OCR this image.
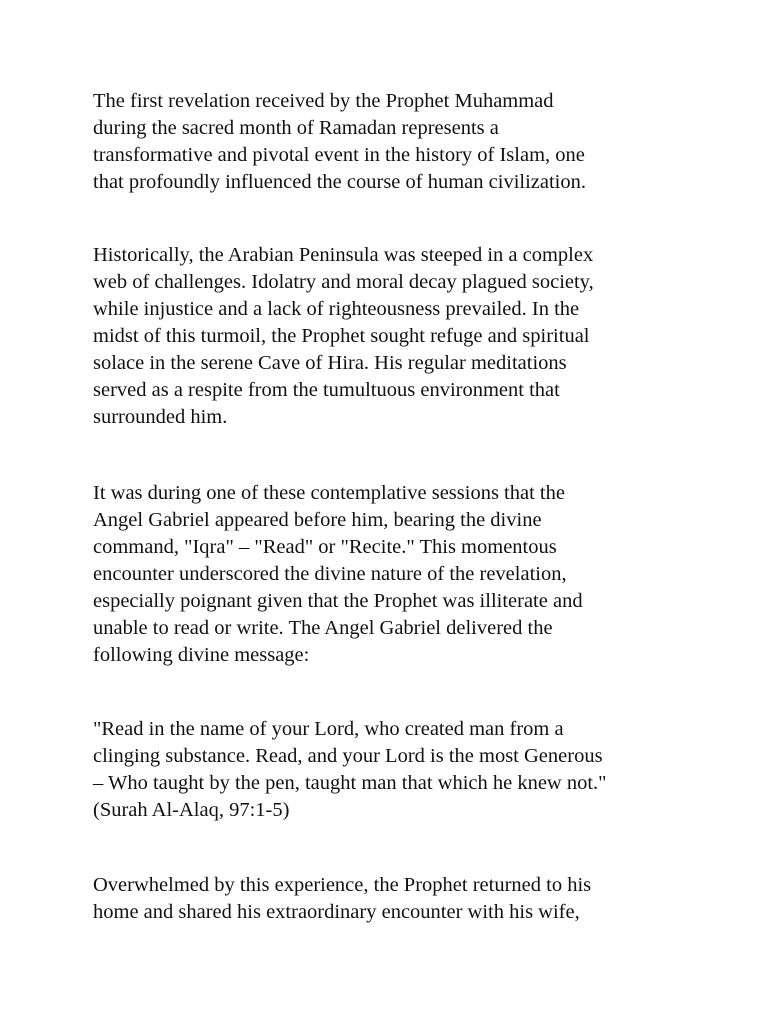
The first revelation received by the Prophet Muhammad
during the sacred month of Ramadan represents a
transformative and pivotal event in the history of Islam, one
that profoundly influenced the course of human civilization.

Historically, the Arabian Peninsula was steeped in a complex
web of challenges. Idolatry and moral decay plagued society,
while injustice and a lack of righteousness prevailed. In the
midst of this turmoil, the Prophet sought refuge and spiritual
solace in the serene Cave of Hira. His regular meditations
served as a respite from the tumultuous environment that
surrounded him.

It was during one of these contemplative sessions that the
Angel Gabriel appeared before him, bearing the divine
command, "Iqra" – "Read" or "Recite." This momentous
encounter underscored the divine nature of the revelation,
especially poignant given that the Prophet was illiterate and
unable to read or write. The Angel Gabriel delivered the
following divine message:

"Read in the name of your Lord, who created man from a
clinging substance. Read, and your Lord is the most Generous
– Who taught by the pen, taught man that which he knew not."
(Surah Al-Alaq, 97:1-5)

Overwhelmed by this experience, the Prophet returned to his
home and shared his extraordinary encounter with his wife,
